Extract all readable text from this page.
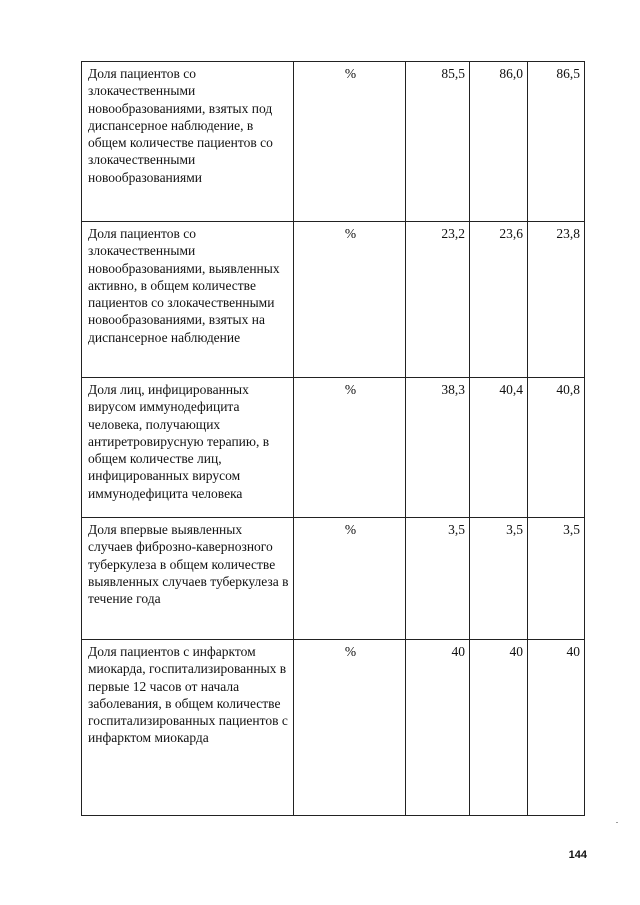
Доля пациентов со злокачественными новообразованиями, взятых под диспансерное наблюдение, в общем количестве пациентов со злокачественными новообразованиями	%	85,5	86,0	86,5
Доля пациентов со злокачественными новообразованиями, выявленных активно, в общем количестве пациентов со злокачественными новообразованиями, взятых на диспансерное наблюдение	%	23,2	23,6	23,8
Доля лиц, инфицированных вирусом иммунодефицита человека, получающих антиретровирусную терапию, в общем количестве лиц, инфицированных вирусом иммунодефицита человека	%	38,3	40,4	40,8
Доля впервые выявленных случаев фиброзно-кавернозного туберкулеза в общем количестве выявленных случаев туберкулеза в течение года	%	3,5	3,5	3,5
Доля пациентов с инфарктом миокарда, госпитализированных в первые 12 часов от начала заболевания, в общем количестве госпитализированных пациентов с инфарктом миокарда	%	40	40	40
144
